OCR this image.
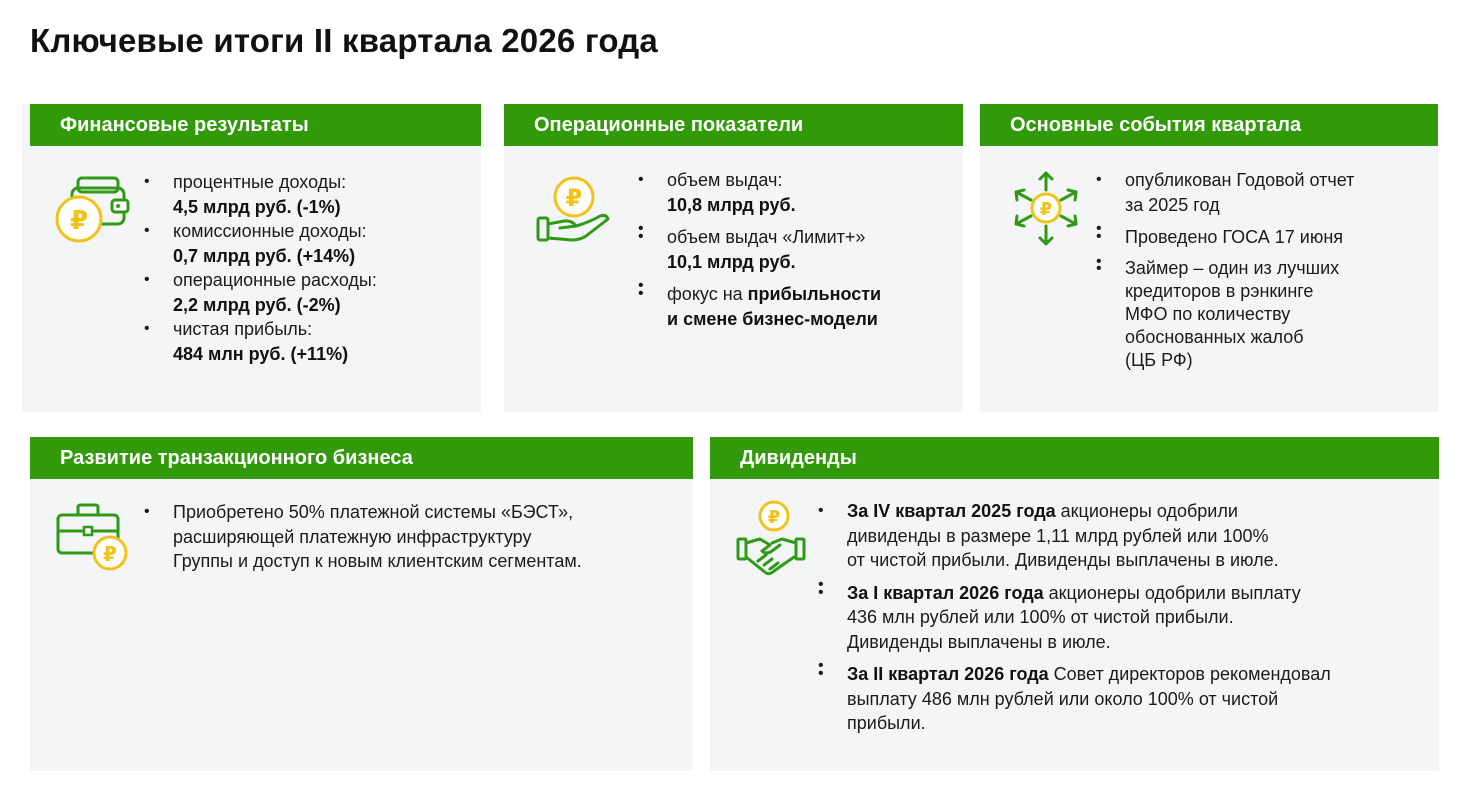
Ключевые итоги II квартала 2026 года
Финансовые результаты
₽
• процентные доходы:
4,5 млрд руб. (-1%)
• комиссионные доходы:
0,7 млрд руб. (+14%)
• операционные расходы:
2,2 млрд руб. (-2%)
• чистая прибыль:
484 млн руб. (+11%)
Операционные показатели
₽
• объем выдач:
10,8 млрд руб.
•
• объем выдач «Лимит+»
10,1 млрд руб.
•
• фокус на прибыльности
и смене бизнес-модели
Основные события квартала
₽
• опубликован Годовой отчет
за 2025 год
•
• Проведено ГОСА 17 июня
•
• Займер – один из лучших
кредиторов в рэнкинге
МФО по количеству
обоснованных жалоб
(ЦБ РФ)
Развитие транзакционного бизнеса
₽
• Приобретено 50% платежной системы «БЭСТ»,
расширяющей платежную инфраструктуру
Группы и доступ к новым клиентским сегментам.
Дивиденды
₽
•	За IV квартал 2025 года акционеры одобрили
дивиденды в размере 1,11 млрд рублей или 100%
от чистой прибыли. Дивиденды выплачены в июле.
•
• За I квартал 2026 года акционеры одобрили выплату
436 млн рублей или 100% от чистой прибыли.
Дивиденды выплачены в июле.
•
• За II квартал 2026 года Совет директоров рекомендовал
выплату 486 млн рублей или около 100% от чистой
прибыли.
